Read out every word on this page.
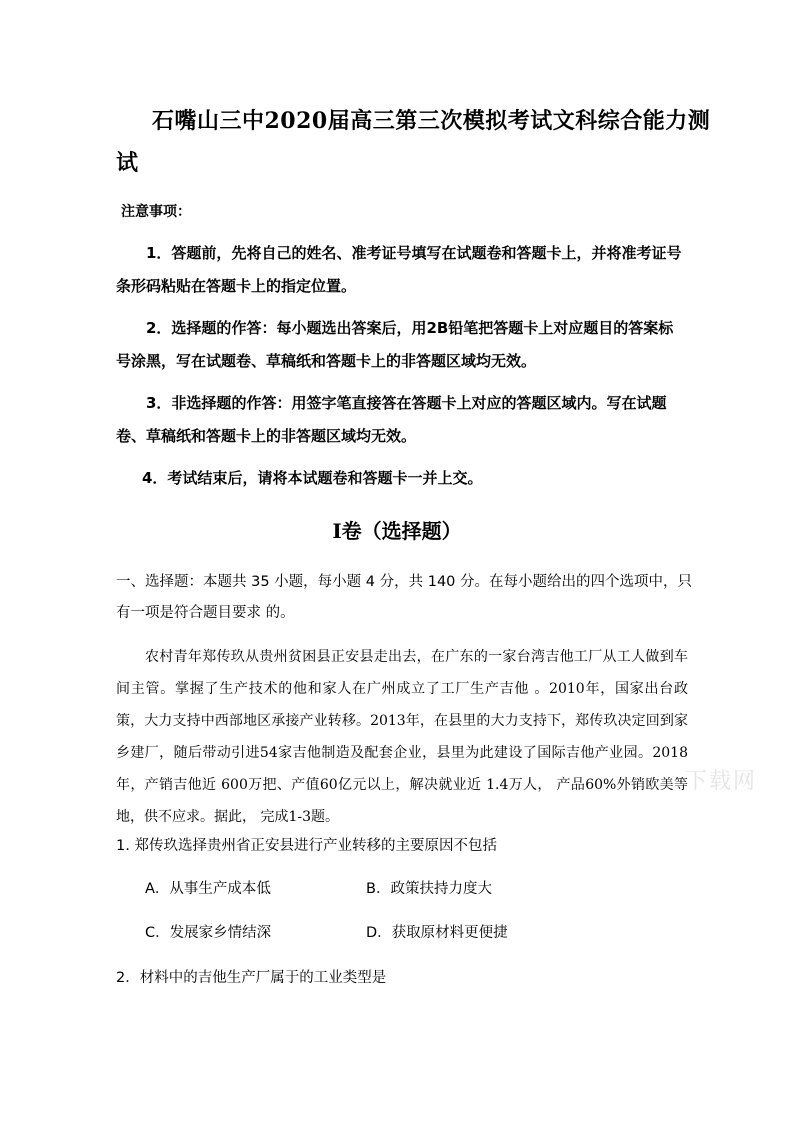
石嘴山三中2020届高三第三次模拟考试文科综合能力测
试
注意事项：

1．答题前，先将自己的姓名、准考证号填写在试题卷和答题卡上，并将准考证号条形码粘贴在答题卡上的指定位置。

2．选择题的作答：每小题选出答案后，用2B铅笔把答题卡上对应题目的答案标号涂黑，写在试题卷、草稿纸和答题卡上的非答题区域均无效。

3．非选择题的作答：用签字笔直接答在答题卡上对应的答题区域内。写在试题卷、草稿纸和答题卡上的非答题区域均无效。

4．考试结束后，请将本试题卷和答题卡一并上交。

Ⅰ卷（选择题）

一、选择题：本题共 35 小题，每小题 4 分，共 140 分。在每小题给出的四个选项中，只有一项是符合题目要求 的。

农村青年郑传玖从贵州贫困县正安县走出去，在广东的一家台湾吉他工厂从工人做到车间主管。掌握了生产技术的他和家人在广州成立了工厂生产吉他 。2010年，国家出台政策，大力支持中西部地区承接产业转移。2013年，在县里的大力支持下，郑传玖决定回到家乡建厂，随后带动引进54家吉他制造及配套企业，县里为此建设了国际吉他产业园。2018年，产销吉他近 600万把、产值60亿元以上，解决就业近 1.4万人， 产品60%外销欧美等地，供不应求。据此， 完成1-3题。

1. 郑传玖选择贵州省正安县进行产业转移的主要原因不包括
A．从事生产成本低	B．政策扶持力度大
C．发展家乡情结深	D．获取原材料更便捷
2．材料中的吉他生产厂属于的工业类型是
下载网
